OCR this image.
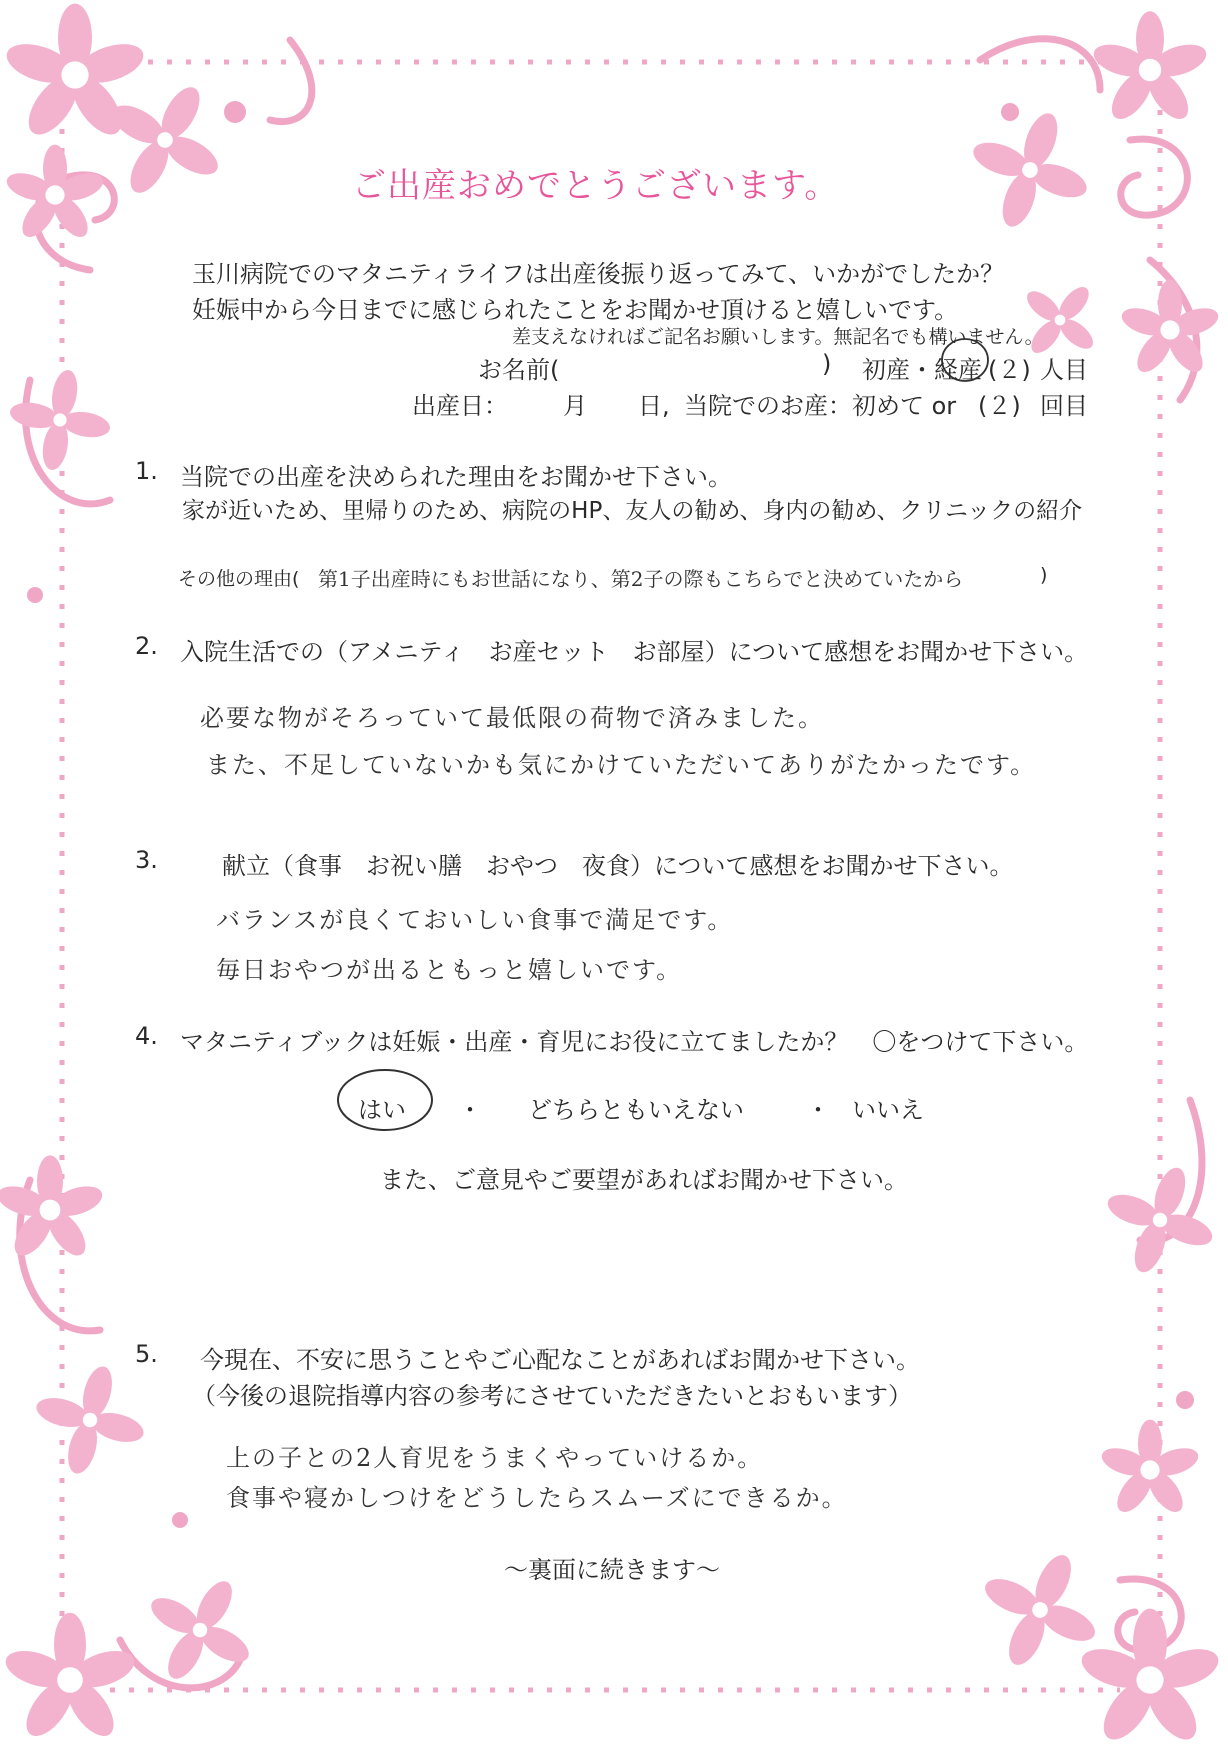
ご出産おめでとうございます。
玉川病院でのマタニティライフは出産後振り返ってみて、いかがでしたか？
妊娠中から今日までに感じられたことをお聞かせ頂けると嬉しいです。
差支えなければご記名お願いします。無記名でも構いません。
お名前(	) 初産・経産 (２) 人目
出産日： 月 日, 当院でのお産：初めて or (２) 回目
1. 当院での出産を決められた理由をお聞かせ下さい。
家が近いため、里帰りのため、病院のHP、友人の勧め、身内の勧め、クリニックの紹介
その他の理由( 第1子出産時にもお世話になり、第2子の際もこちらでと決めていたから	)
2. 入院生活での（アメニティ　お産セット　お部屋）について感想をお聞かせ下さい。
必要な物がそろっていて最低限の荷物で済みました。
また、不足していないかも気にかけていただいてありがたかったです。
3.	献立（食事　お祝い膳　おやつ　夜食）について感想をお聞かせ下さい。
バランスが良くておいしい食事で満足です。
毎日おやつが出るともっと嬉しいです。
4. マタニティブックは妊娠・出産・育児にお役に立てましたか？　〇をつけて下さい。
はい ・ どちらともいえない	・ いいえ
また、ご意見やご要望があればお聞かせ下さい。
5. 今現在、不安に思うことやご心配なことがあればお聞かせ下さい。
（今後の退院指導内容の参考にさせていただきたいとおもいます）
上の子との2人育児をうまくやっていけるか。
食事や寝かしつけをどうしたらスムーズにできるか。
〜裏面に続きます〜
